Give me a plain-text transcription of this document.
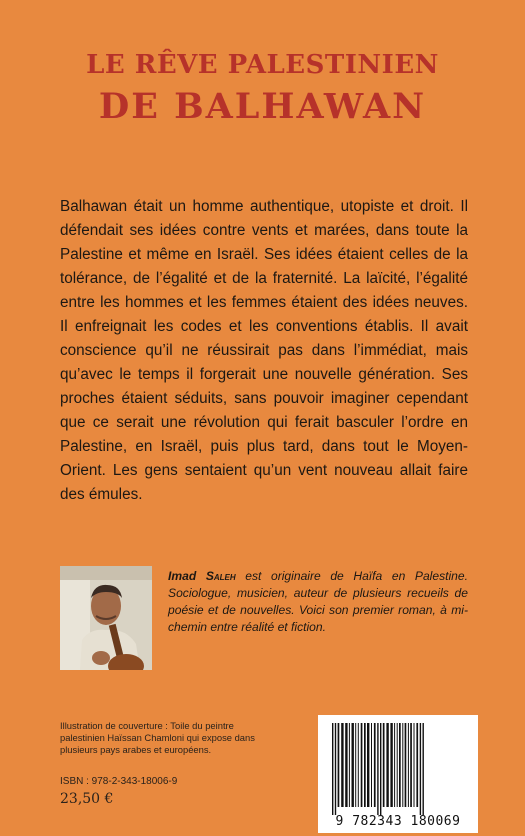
LE RÊVE PALESTINIEN
DE BALHAWAN

Balhawan était un homme authentique, utopiste et droit. Il défendait ses idées contre vents et marées, dans toute la Palestine et même en Israël. Ses idées étaient celles de la tolérance, de l’égalité et de la fraternité. La laïcité, l’égalité entre les hommes et les femmes étaient des idées neuves. Il enfreignait les codes et les conventions établis. Il avait conscience qu’il ne réussirait pas dans l’immédiat, mais qu’avec le temps il forgerait une nouvelle génération. Ses proches étaient séduits, sans pouvoir imaginer cependant que ce serait une révolution qui ferait basculer l’ordre en Palestine, en Israël, puis plus tard, dans tout le Moyen-Orient. Les gens sentaient qu’un vent nouveau allait faire des émules.

Imad Saleh est originaire de Haïfa en Palestine. Sociologue, musicien, auteur de plusieurs recueils de poésie et de nouvelles. Voici son premier roman, à mi-chemin entre réalité et fiction.
Illustration de couverture : Toile du peintre palestinien Haïssan Chamloni qui expose dans plusieurs pays arabes et européens.
ISBN : 978-2-343-18006-9
23,50 €
9 782343 180069
